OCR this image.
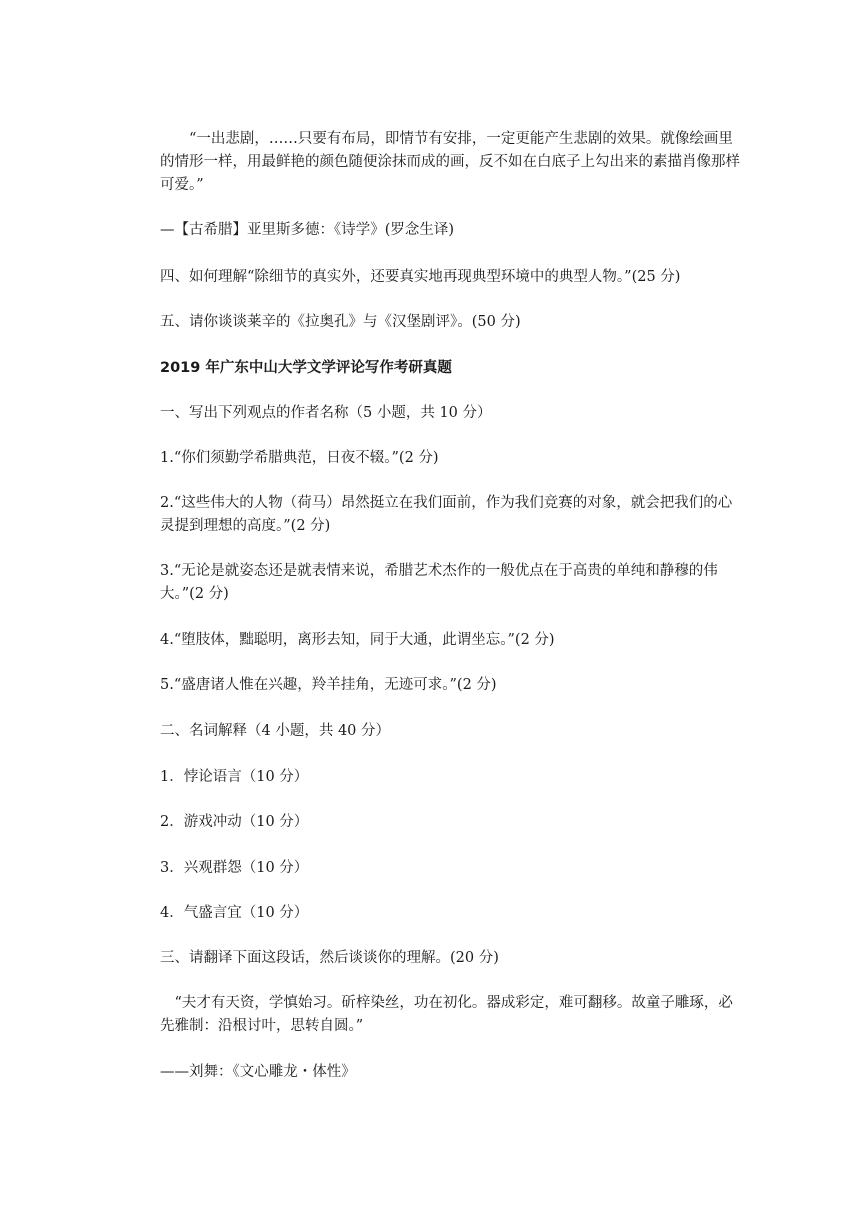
“一出悲剧，……只要有布局，即情节有安排，一定更能产生悲剧的效果。就像绘画里的情形一样，用最鲜艳的颜色随便涂抹而成的画，反不如在白底子上勾出来的素描肖像那样可爱。”
—【古希腊】亚里斯多德：《诗学》(罗念生译)
四、如何理解“除细节的真实外，还要真实地再现典型环境中的典型人物。”(25 分)
五、请你谈谈莱辛的《拉奥孔》与《汉堡剧评》。(50 分)
2019 年广东中山大学文学评论写作考研真题
一、写出下列观点的作者名称（5 小题，共 10 分）
1.“你们须勤学希腊典范，日夜不辍。”(2 分)
2.“这些伟大的人物（荷马）昂然挺立在我们面前，作为我们竞赛的对象，就会把我们的心灵提到理想的高度。”(2 分)
3.“无论是就姿态还是就表情来说，希腊艺术杰作的一般优点在于高贵的单纯和静穆的伟大。”(2 分)
4.“堕肢体，黜聪明，离形去知，同于大通，此谓坐忘。”(2 分)
5.“盛唐诸人惟在兴趣，羚羊挂角，无迹可求。”(2 分)
二、名词解释（4 小题，共 40 分）
1．悖论语言（10 分）
2．游戏冲动（10 分）
3．兴观群怨（10 分）
4．气盛言宜（10 分）
三、请翻译下面这段话，然后谈谈你的理解。(20 分)
“夫才有天资，学慎始习。斫梓染丝，功在初化。器成彩定，难可翻移。故童子雕琢，必先雅制：沿根讨叶，思转自圆。”
——刘舞：《文心雕龙・体性》
